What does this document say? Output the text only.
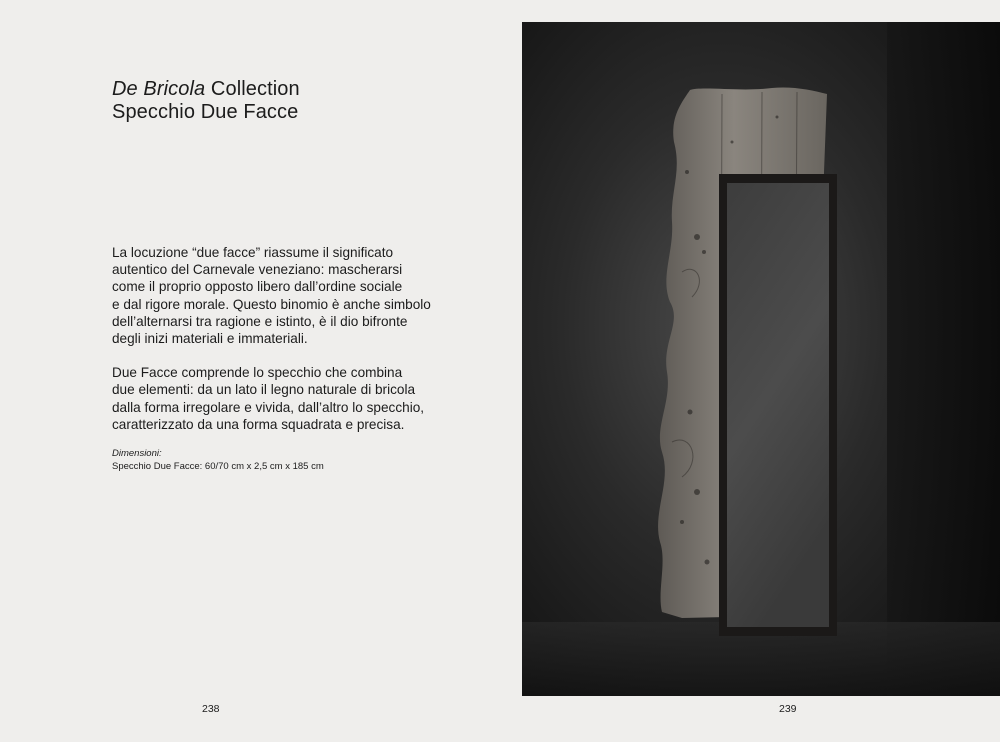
De Bricola Collection
Specchio Due Facce

La locuzione “due facce” riassume il significato
autentico del Carnevale veneziano: mascherarsi
come il proprio opposto libero dall’ordine sociale
e dal rigore morale. Questo binomio è anche simbolo
dell’alternarsi tra ragione e istinto, è il dio bifronte
degli inizi materiali e immateriali.

Due Facce comprende lo specchio che combina
due elementi: da un lato il legno naturale di bricola
dalla forma irregolare e vivida, dall’altro lo specchio,
caratterizzato da una forma squadrata e precisa.

Dimensioni:
Specchio Due Facce: 60/70 cm x 2,5 cm x 185 cm
238	239
